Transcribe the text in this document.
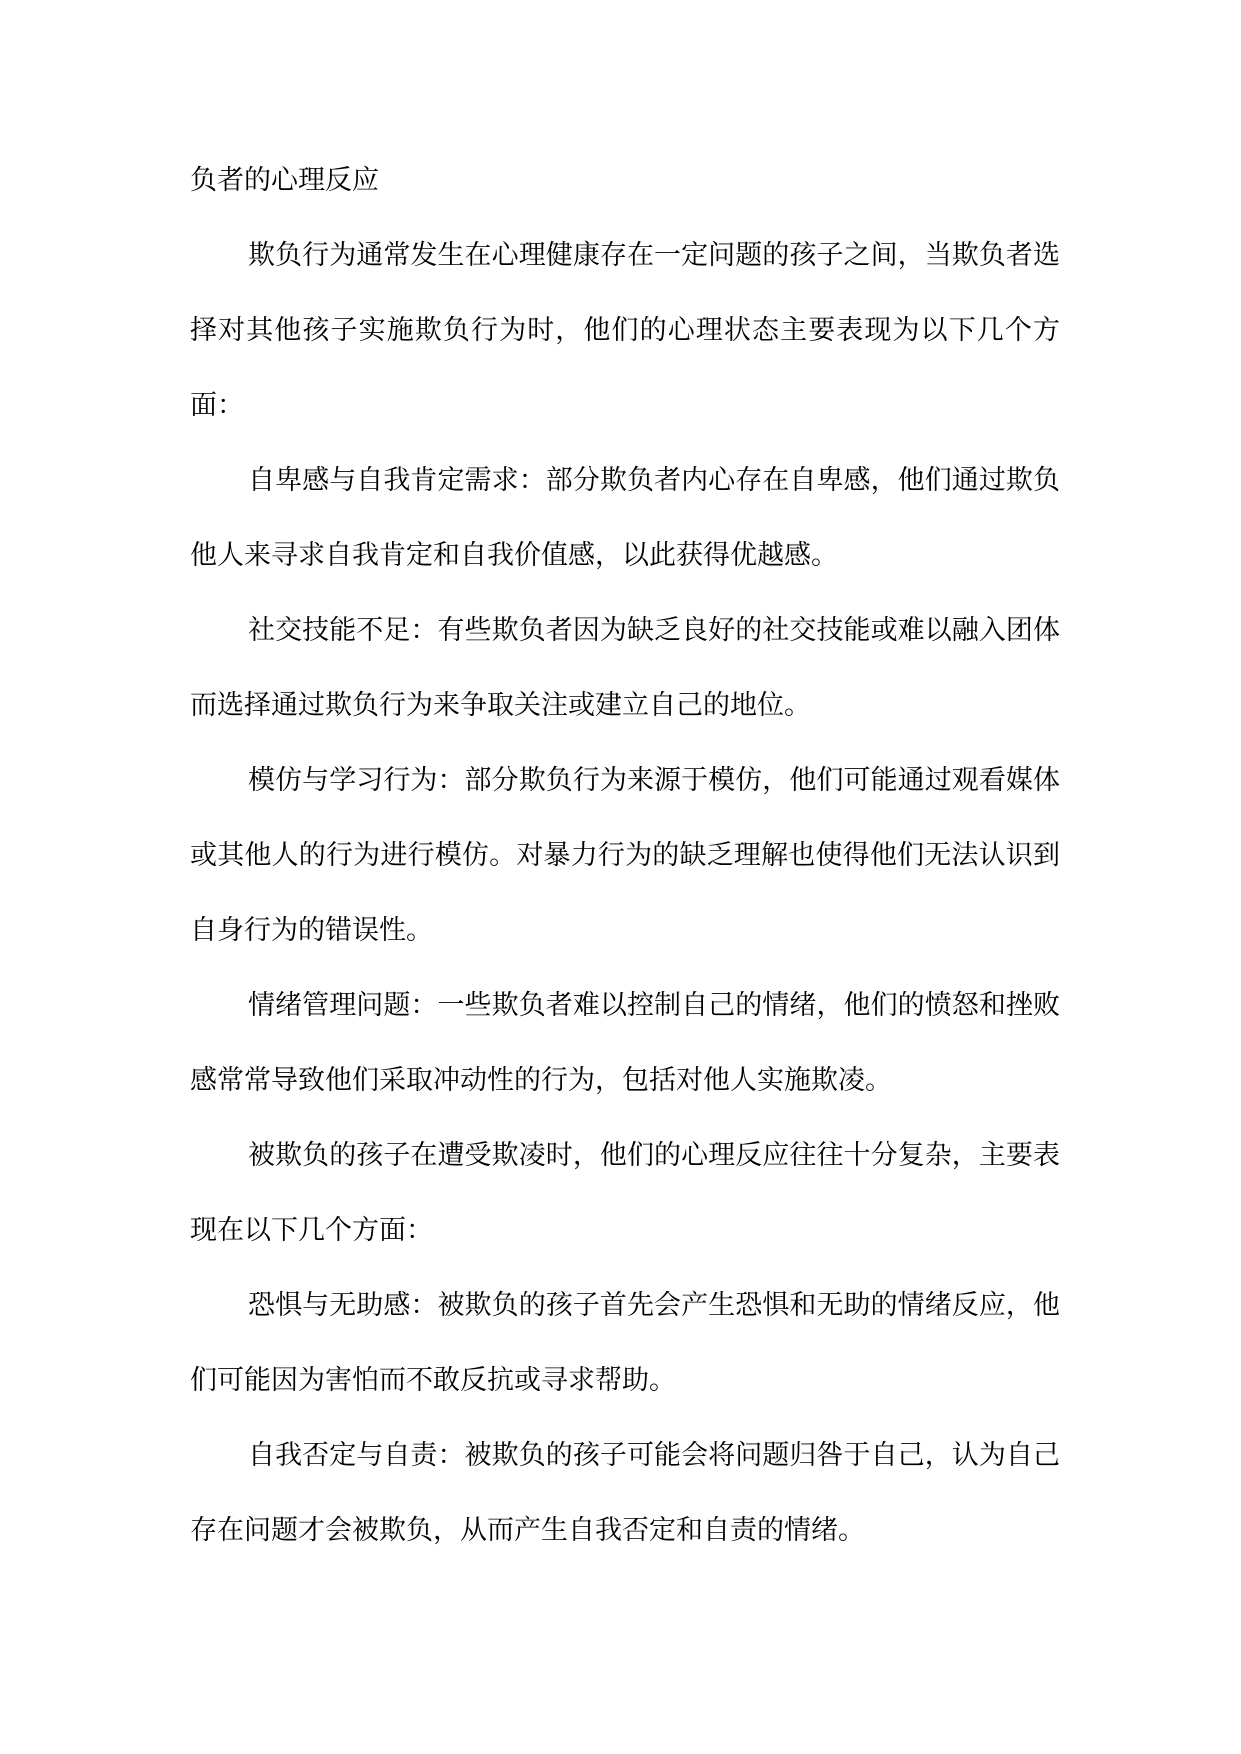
负者的心理反应

欺负行为通常发生在心理健康存在一定问题的孩子之间，当欺负者选择对其他孩子实施欺负行为时，他们的心理状态主要表现为以下几个方面：

自卑感与自我肯定需求：部分欺负者内心存在自卑感，他们通过欺负他人来寻求自我肯定和自我价值感，以此获得优越感。

社交技能不足：有些欺负者因为缺乏良好的社交技能或难以融入团体而选择通过欺负行为来争取关注或建立自己的地位。

模仿与学习行为：部分欺负行为来源于模仿，他们可能通过观看媒体或其他人的行为进行模仿。对暴力行为的缺乏理解也使得他们无法认识到自身行为的错误性。

情绪管理问题：一些欺负者难以控制自己的情绪，他们的愤怒和挫败感常常导致他们采取冲动性的行为，包括对他人实施欺凌。

被欺负的孩子在遭受欺凌时，他们的心理反应往往十分复杂，主要表现在以下几个方面：

恐惧与无助感：被欺负的孩子首先会产生恐惧和无助的情绪反应，他们可能因为害怕而不敢反抗或寻求帮助。

自我否定与自责：被欺负的孩子可能会将问题归咎于自己，认为自己存在问题才会被欺负，从而产生自我否定和自责的情绪。
